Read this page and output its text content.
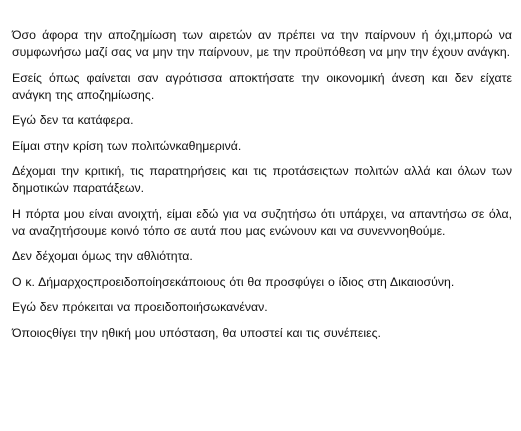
Όσο άφορα την αποζημίωση των αιρετών αν πρέπει να την παίρνουν ή όχι,μπορώ να συμφωνήσω μαζί σας να μην την παίρνουν, με την προϋπόθεση να μην την έχουν ανάγκη.

Εσείς όπως φαίνεται σαν αγρότισσα αποκτήσατε την οικονομική άνεση και δεν είχατε ανάγκη της αποζημίωσης.

Εγώ δεν τα κατάφερα.

Είμαι στην κρίση των πολιτώνκαθημερινά.

Δέχομαι την κριτική, τις παρατηρήσεις και τις προτάσειςτων πολιτών αλλά και όλων των δημοτικών παρατάξεων.

Η πόρτα μου είναι ανοιχτή, είμαι εδώ για να συζητήσω ότι υπάρχει, να απαντήσω σε όλα, να αναζητήσουμε κοινό τόπο σε αυτά που μας ενώνουν και να συνεννοηθούμε.

Δεν δέχομαι όμως την αθλιότητα.

Ο κ. Δήμαρχοςπροειδοποίησεκάποιους ότι θα προσφύγει ο ίδιος στη Δικαιοσύνη.

Εγώ δεν πρόκειται να προειδοποιήσωκανέναν.

Όποιοςθίγει την ηθική μου υπόσταση, θα υποστεί και τις συνέπειες.
